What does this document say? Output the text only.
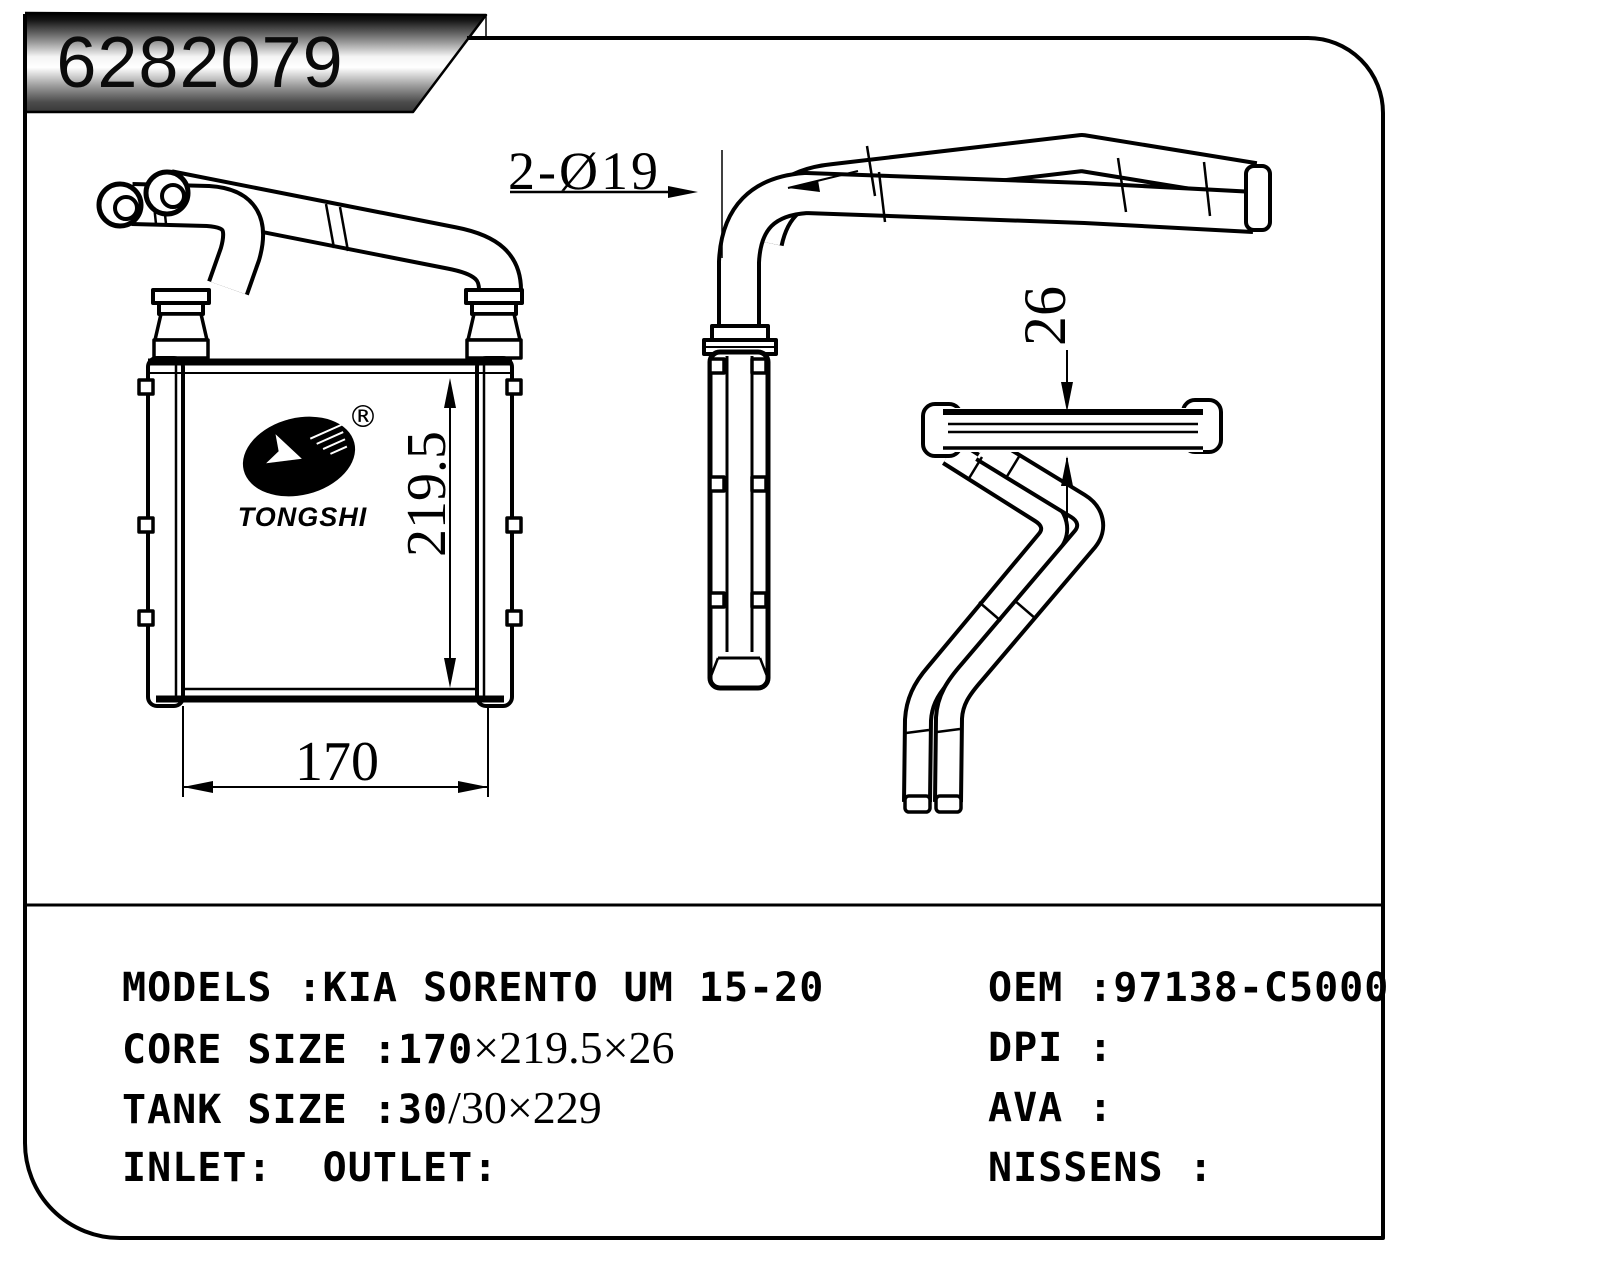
6282079
➤
®
TONGSHI 219.5
26
170
2-Ø19
MODELS :KIA SORENTO UM 15-20
CORE SIZE :170 ×219.5×26
TANK SIZE :30 /30×229
INLET:  OUTLET:
OEM :97138-C5000
DPI :
AVA :
NISSENS :
